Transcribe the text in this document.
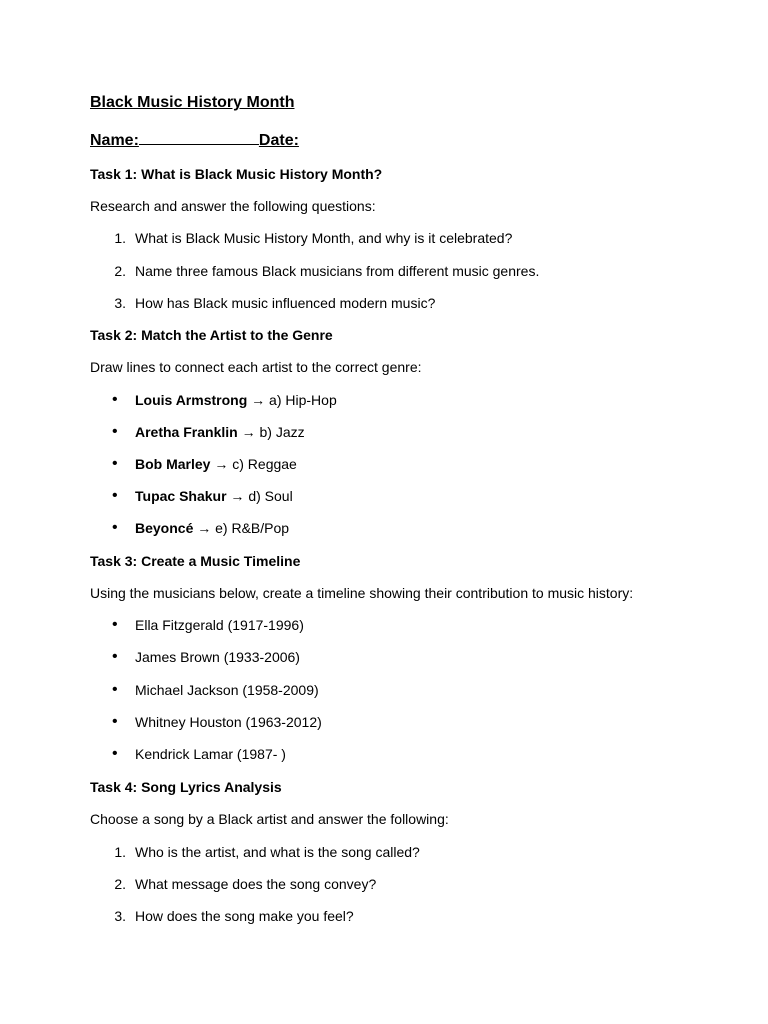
Black Music History Month
Name:	Date:
Task 1: What is Black Music History Month?
Research and answer the following questions:
1. What is Black Music History Month, and why is it celebrated?
2. Name three famous Black musicians from different music genres.
3. How has Black music influenced modern music?
Task 2: Match the Artist to the Genre
Draw lines to connect each artist to the correct genre:
• Louis Armstrong → a) Hip-Hop
• Aretha Franklin → b) Jazz
• Bob Marley → c) Reggae
• Tupac Shakur → d) Soul
• Beyoncé → e) R&B/Pop
Task 3: Create a Music Timeline
Using the musicians below, create a timeline showing their contribution to music history:
• Ella Fitzgerald (1917-1996)
• James Brown (1933-2006)
• Michael Jackson (1958-2009)
• Whitney Houston (1963-2012)
• Kendrick Lamar (1987- )
Task 4: Song Lyrics Analysis
Choose a song by a Black artist and answer the following:
1. Who is the artist, and what is the song called?
2. What message does the song convey?
3. How does the song make you feel?
